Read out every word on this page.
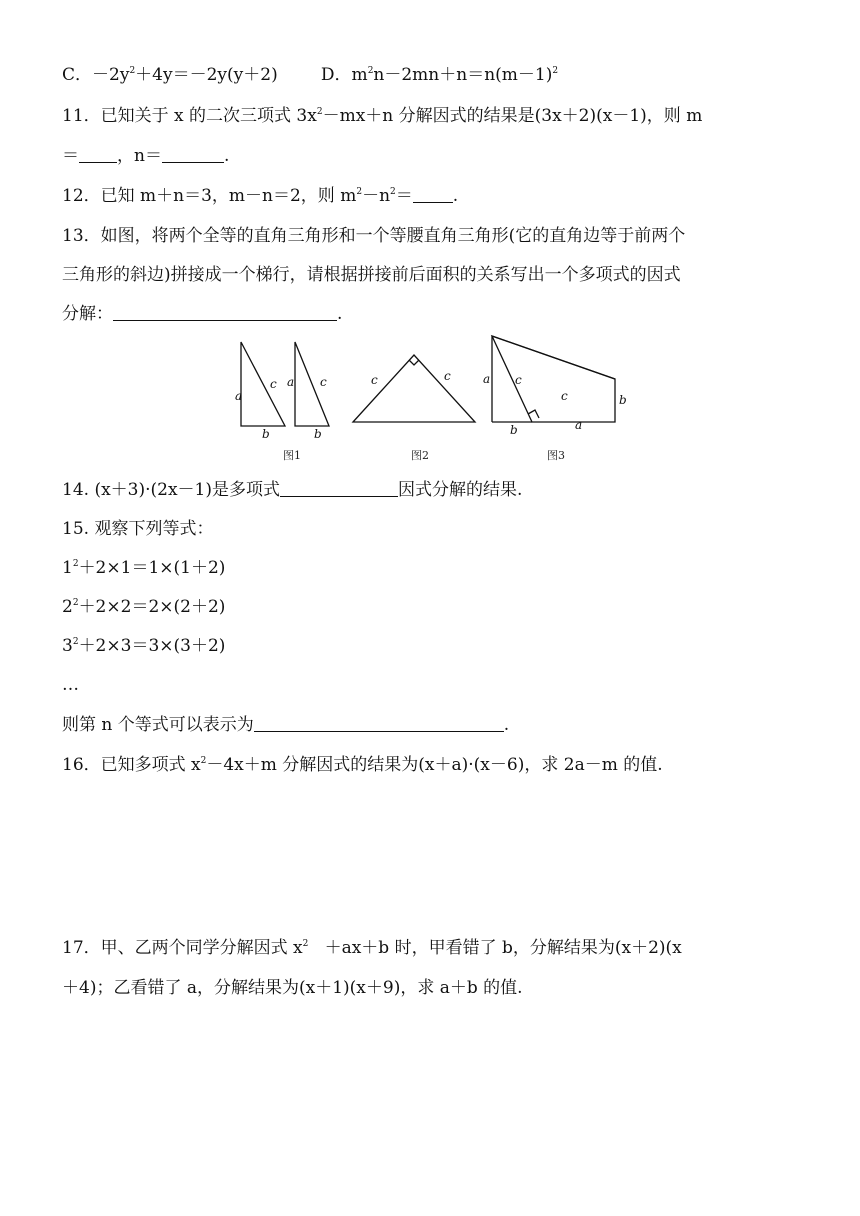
C．$-2y^2+4y=-2y(y+2)$        D．$m^2n-2mn+n=n(m-1)^2$
11．已知关于 x 的二次三项式 $3x^2-mx+n$ 分解因式的结果是(3x＋2)(x－1)，则 m
＝ ，n＝	.
12．已知 m＋n＝3，m－n＝2，则 $m^2-n^2=$ .
13．如图，将两个全等的直角三角形和一个等腰直角三角形(它的直角边等于前两个
三角形的斜边)拼接成一个梯行，请根据拼接前后面积的关系写出一个多项式的因式
分解：	.
a
c
b
a c
b
c	c	a c
c	b
b	a
图1	图2	图3
14. (x＋3)·(2x－1)是多项式	因式分解的结果.
15. 观察下列等式：
$1^2+2\times 1=1\times(1+2)$
$2^2+2\times 2=2\times(2+2)$
$3^2+2\times 3=3\times(3+2)$
…
则第 n 个等式可以表示为	.
16．已知多项式 $x^2-4x+m$ 分解因式的结果为(x＋a)·(x－6)，求 2a－m 的值.
17．甲、乙两个同学分解因式 $x^2 +ax+b$ 时，甲看错了 b，分解结果为(x＋2)(x
＋4)；乙看错了 a，分解结果为(x＋1)(x＋9)，求 a＋b 的值.
